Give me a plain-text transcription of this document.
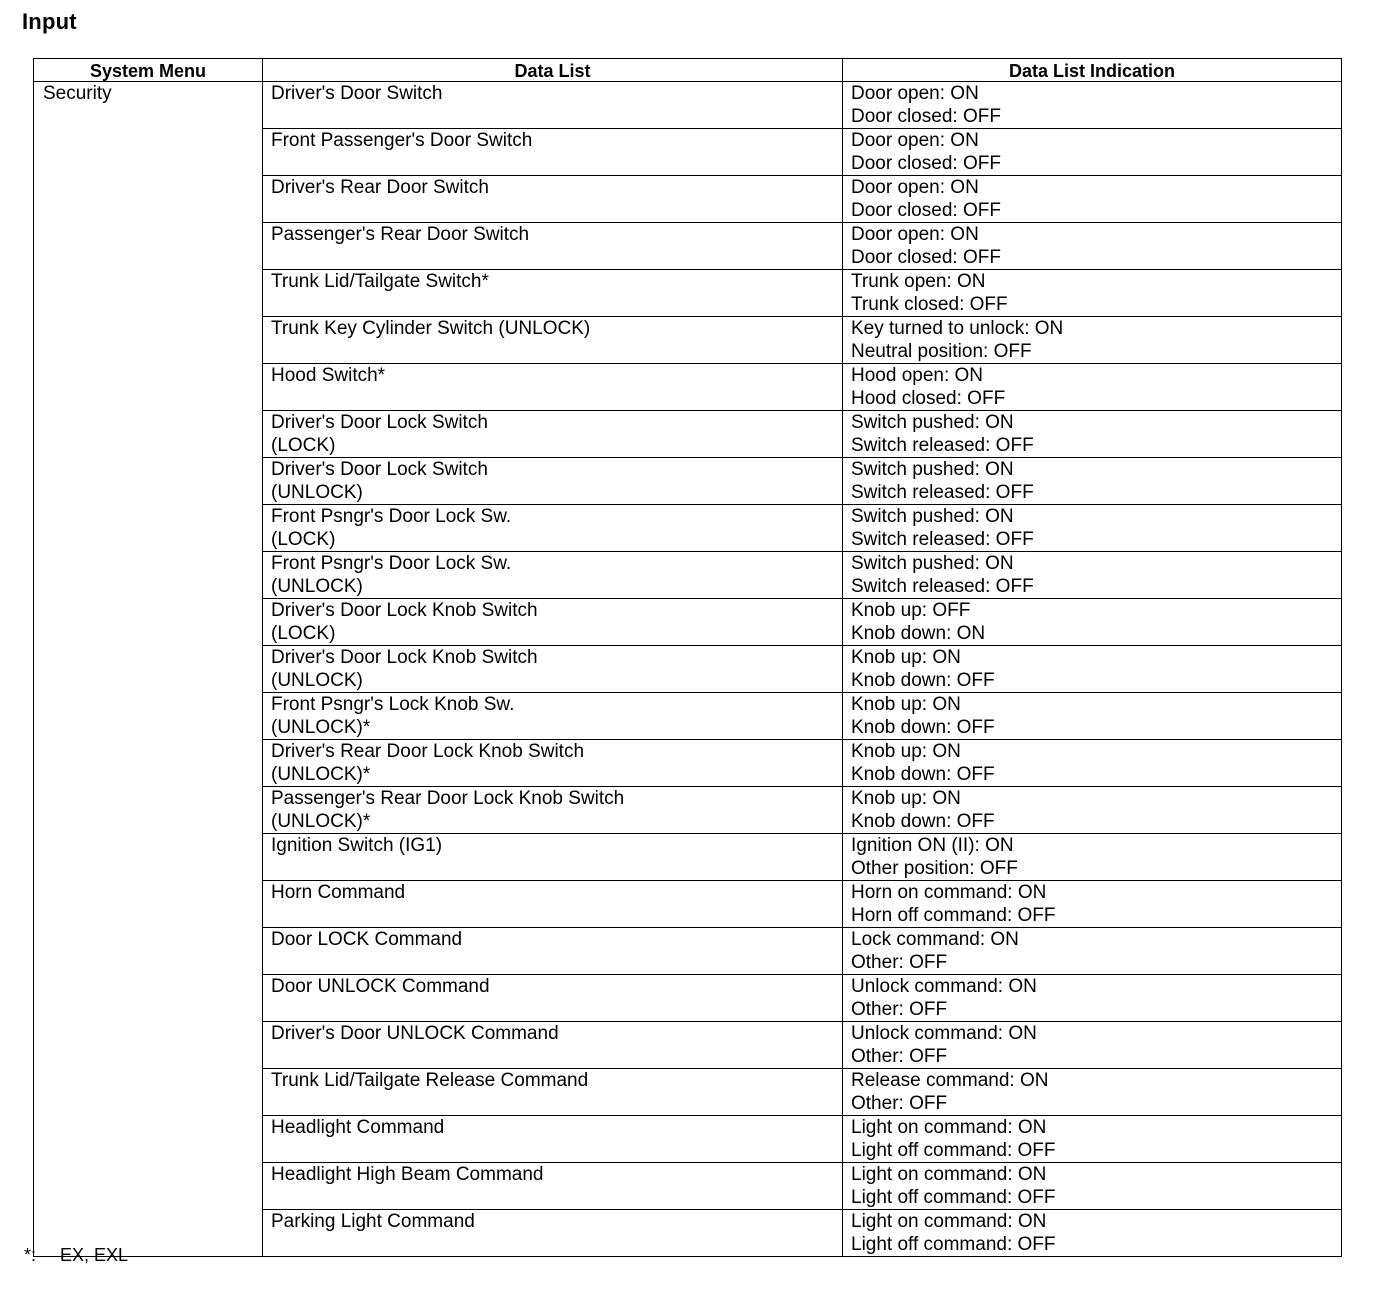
Input
System Menu	Data List	Data List Indication

Security	Driver's Door Switch	Door open: ON
Door closed: OFF

	Front Passenger's Door Switch	Door open: ON
Door closed: OFF

	Driver's Rear Door Switch	Door open: ON
Door closed: OFF

	Passenger's Rear Door Switch	Door open: ON
Door closed: OFF

	Trunk Lid/Tailgate Switch*	Trunk open: ON
Trunk closed: OFF

	Trunk Key Cylinder Switch (UNLOCK)	Key turned to unlock: ON
Neutral position: OFF

	Hood Switch*	Hood open: ON
Hood closed: OFF

	Driver's Door Lock Switch
(LOCK)	Switch pushed: ON
Switch released: OFF

	Driver's Door Lock Switch
(UNLOCK)	Switch pushed: ON
Switch released: OFF

	Front Psngr's Door Lock Sw.
(LOCK)	Switch pushed: ON
Switch released: OFF

	Front Psngr's Door Lock Sw.
(UNLOCK)	Switch pushed: ON
Switch released: OFF

	Driver's Door Lock Knob Switch
(LOCK)	Knob up: OFF
Knob down: ON

	Driver's Door Lock Knob Switch
(UNLOCK)	Knob up: ON
Knob down: OFF

	Front Psngr's Lock Knob Sw.
(UNLOCK)*	Knob up: ON
Knob down: OFF

	Driver's Rear Door Lock Knob Switch
(UNLOCK)*	Knob up: ON
Knob down: OFF

	Passenger's Rear Door Lock Knob Switch
(UNLOCK)*	Knob up: ON
Knob down: OFF

	Ignition Switch (IG1)	Ignition ON (II): ON
Other position: OFF

	Horn Command	Horn on command: ON
Horn off command: OFF

	Door LOCK Command	Lock command: ON
Other: OFF

	Door UNLOCK Command	Unlock command: ON
Other: OFF

	Driver's Door UNLOCK Command	Unlock command: ON
Other: OFF

	Trunk Lid/Tailgate Release Command	Release command: ON
Other: OFF

	Headlight Command	Light on command: ON
Light off command: OFF

	Headlight High Beam Command	Light on command: ON
Light off command: OFF

	Parking Light Command	Light on command: ON
Light off command: OFF

*: EX, EXL
